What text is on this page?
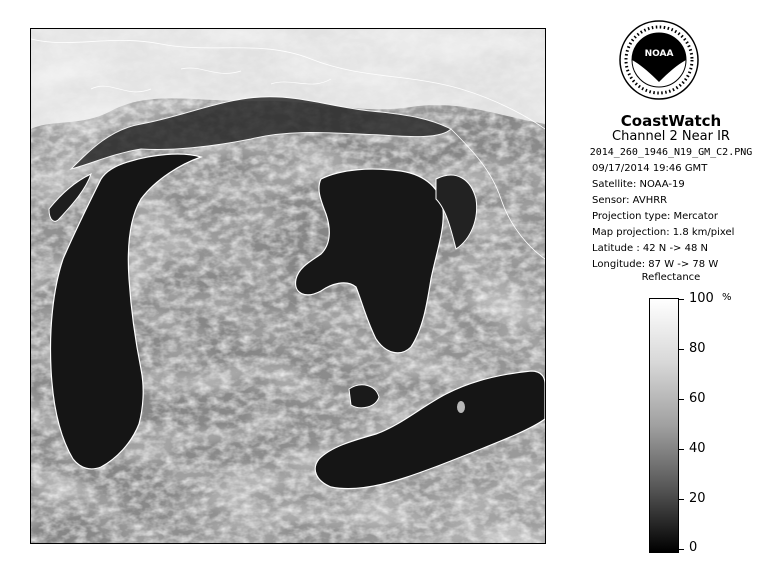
NOAA
CoastWatch
Channel 2 Near IR
2014_260_1946_N19_GM_C2.PNG
09/17/2014 19:46 GMT
Satellite: NOAA-19
Sensor: AVHRR
Projection type: Mercator
Map projection: 1.8 km/pixel
Latitude : 42 N -> 48 N
Longitude: 87 W -> 78 W
Reflectance
%
100
80
60
40
20
0
